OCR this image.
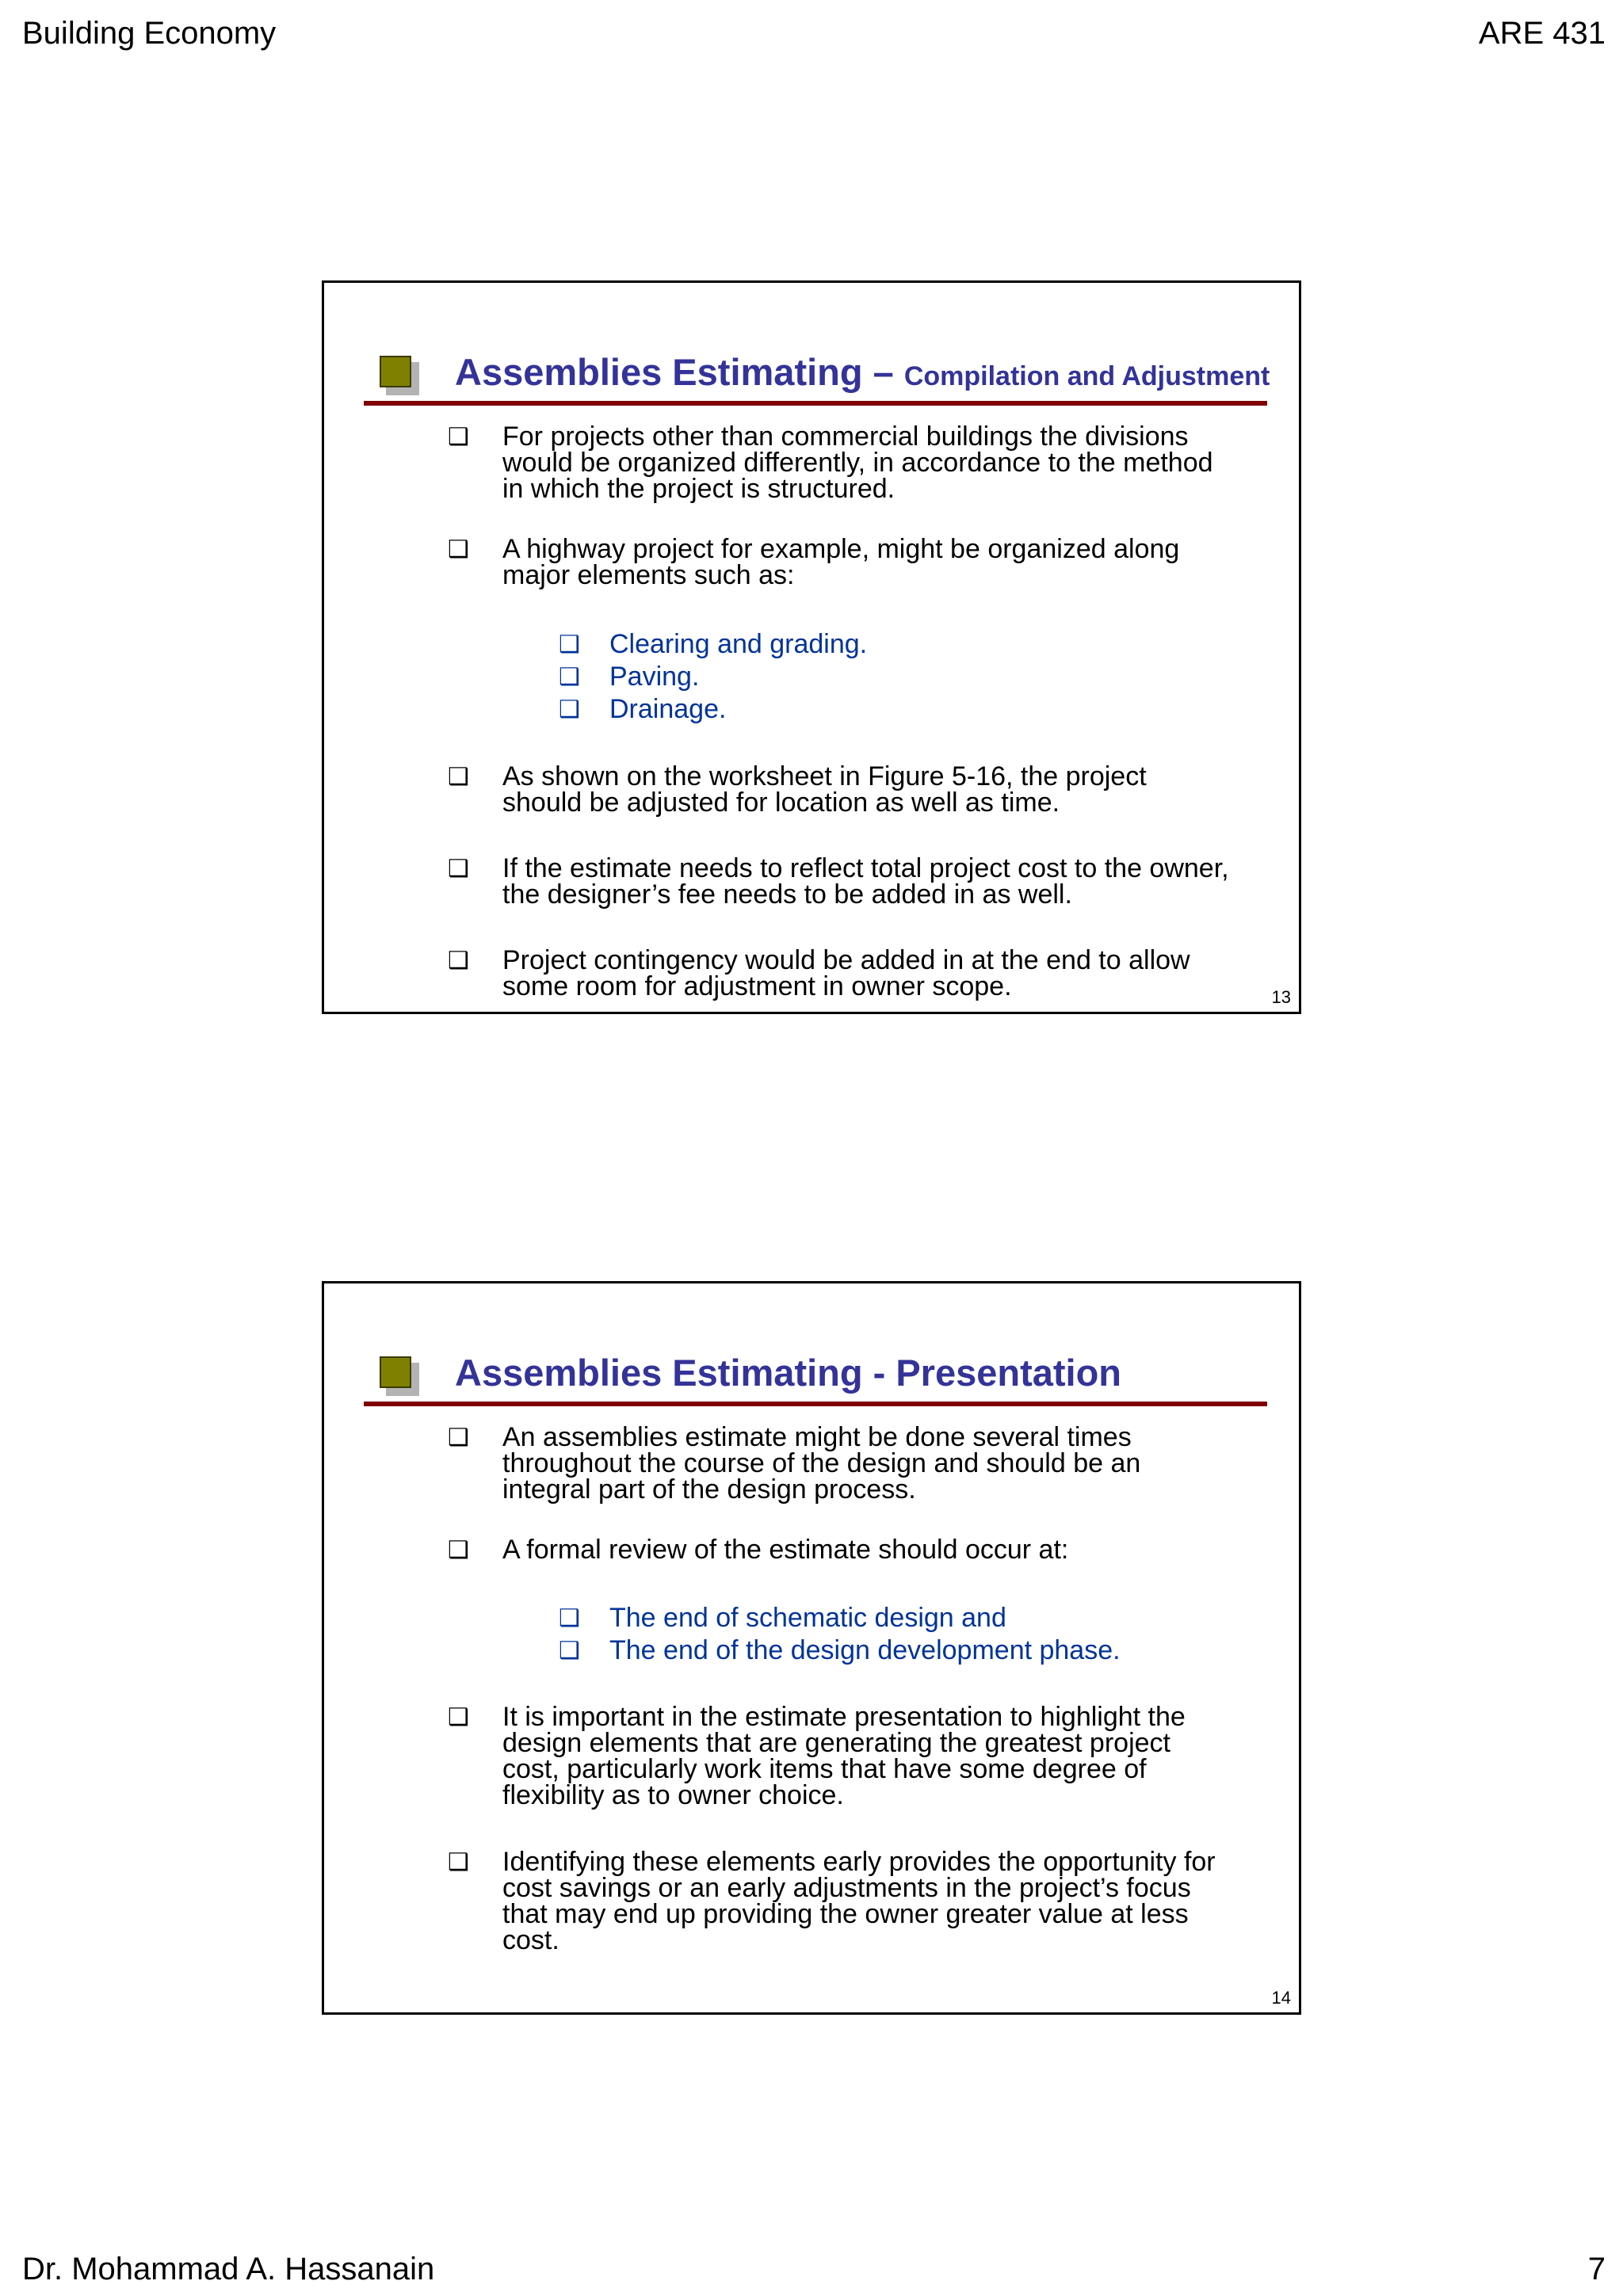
Building Economy	ARE 431
Assemblies Estimating – Compilation and Adjustment
❑ For projects other than commercial buildings the divisions would be organized differently, in accordance to the method in which the project is structured.
❑ A highway project for example, might be organized along major elements such as:
❑ Clearing and grading.
❑ Paving.
❑ Drainage.
❑ As shown on the worksheet in Figure 5-16, the project should be adjusted for location as well as time.
❑ If the estimate needs to reflect total project cost to the owner, the designer’s fee needs to be added in as well.
❑ Project contingency would be added in at the end to allow some room for adjustment in owner scope.	13
Assemblies Estimating - Presentation
❑ An assemblies estimate might be done several times throughout the course of the design and should be an integral part of the design process.
❑ A formal review of the estimate should occur at:
❑ The end of schematic design and
❑ The end of the design development phase.
❑ It is important in the estimate presentation to highlight the design elements that are generating the greatest project cost, particularly work items that have some degree of flexibility as to owner choice.
❑ Identifying these elements early provides the opportunity for cost savings or an early adjustments in the project’s focus that may end up providing the owner greater value at less cost.
14
Dr. Mohammad A. Hassanain	7
